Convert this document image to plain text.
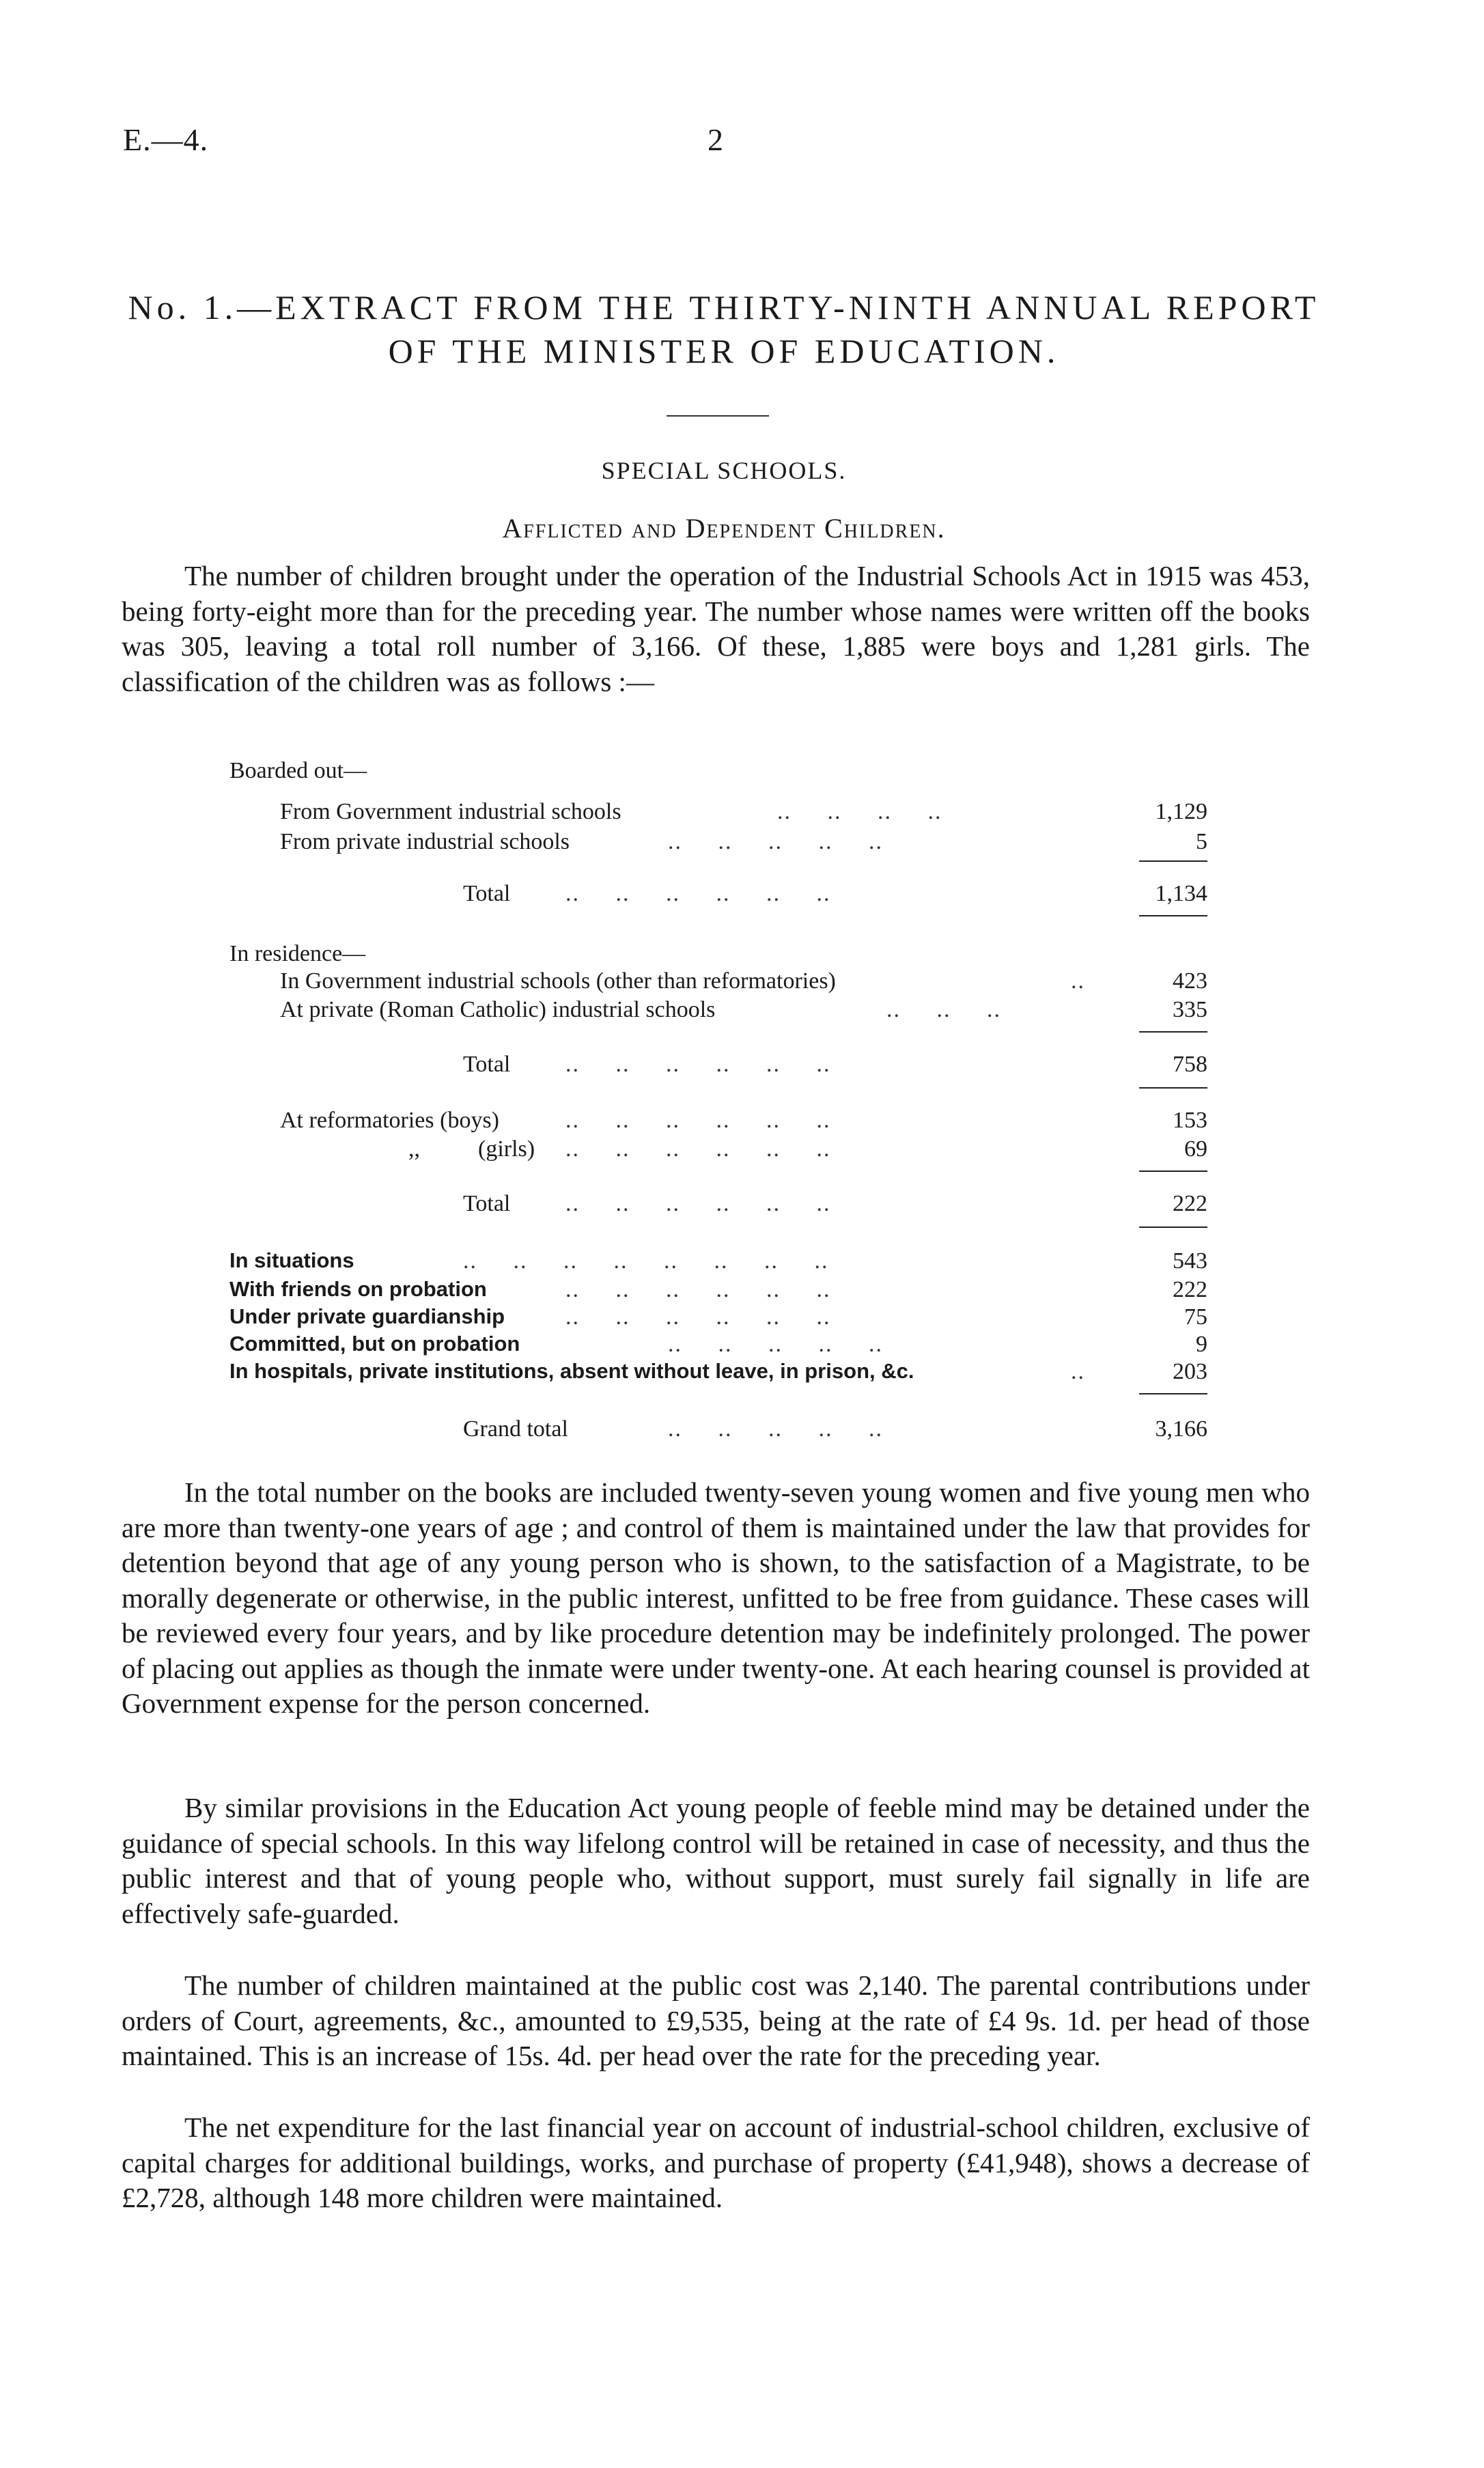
E.—4.	2
No. 1.—EXTRACT FROM THE THIRTY-NINTH ANNUAL REPORT
OF THE MINISTER OF EDUCATION.
SPECIAL SCHOOLS.
Afflicted and Dependent Children.

The number of children brought under the operation of the Industrial Schools Act in 1915 was 453, being forty-eight more than for the preceding year. The number whose names were written off the books was 305, leaving a total roll number of 3,166. Of these, 1,885 were boys and 1,281 girls. The classification of the children was as follows :—

Boarded out—
From Government industrial schools	..     ..     ..     ..	1,129
From private industrial schools	..     ..     ..     ..     ..	5
Total ..     ..     ..     ..     ..     ..	1,134
In residence—
In Government industrial schools (other than reformatories)	..	423
At private (Roman Catholic) industrial schools	..     ..     ..	335
Total ..     ..     ..     ..     ..     ..	758
At reformatories (boys)	..     ..     ..     ..     ..     ..	153
,,	(girls) ..     ..     ..     ..     ..     ..	69
Total ..     ..     ..     ..     ..     ..	222
In situations	..     ..     ..     ..     ..     ..     ..     ..	543
With friends on probation	..     ..     ..     ..     ..     ..	222
Under private guardianship	..     ..     ..     ..     ..     ..	75
Committed, but on probation	..     ..     ..     ..     ..	9
In hospitals, private institutions, absent without leave, in prison, &c.	..	203
Grand total	..     ..     ..     ..     ..	3,166

In the total number on the books are included twenty-seven young women and five young men who are more than twenty-one years of age ; and control of them is maintained under the law that provides for detention beyond that age of any young person who is shown, to the satisfaction of a Magistrate, to be morally degenerate or otherwise, in the public interest, unfitted to be free from guidance. These cases will be reviewed every four years, and by like procedure detention may be indefinitely prolonged. The power of placing out applies as though the inmate were under twenty-one. At each hearing counsel is provided at Government expense for the person concerned.

By similar provisions in the Education Act young people of feeble mind may be detained under the guidance of special schools. In this way lifelong control will be retained in case of necessity, and thus the public interest and that of young people who, without support, must surely fail signally in life are effectively safe-guarded.

The number of children maintained at the public cost was 2,140. The parental contributions under orders of Court, agreements, &c., amounted to £9,535, being at the rate of £4 9s. 1d. per head of those maintained. This is an increase of 15s. 4d. per head over the rate for the preceding year.

The net expenditure for the last financial year on account of industrial-school children, exclusive of capital charges for additional buildings, works, and purchase of property (£41,948), shows a decrease of £2,728, although 148 more children were maintained.
